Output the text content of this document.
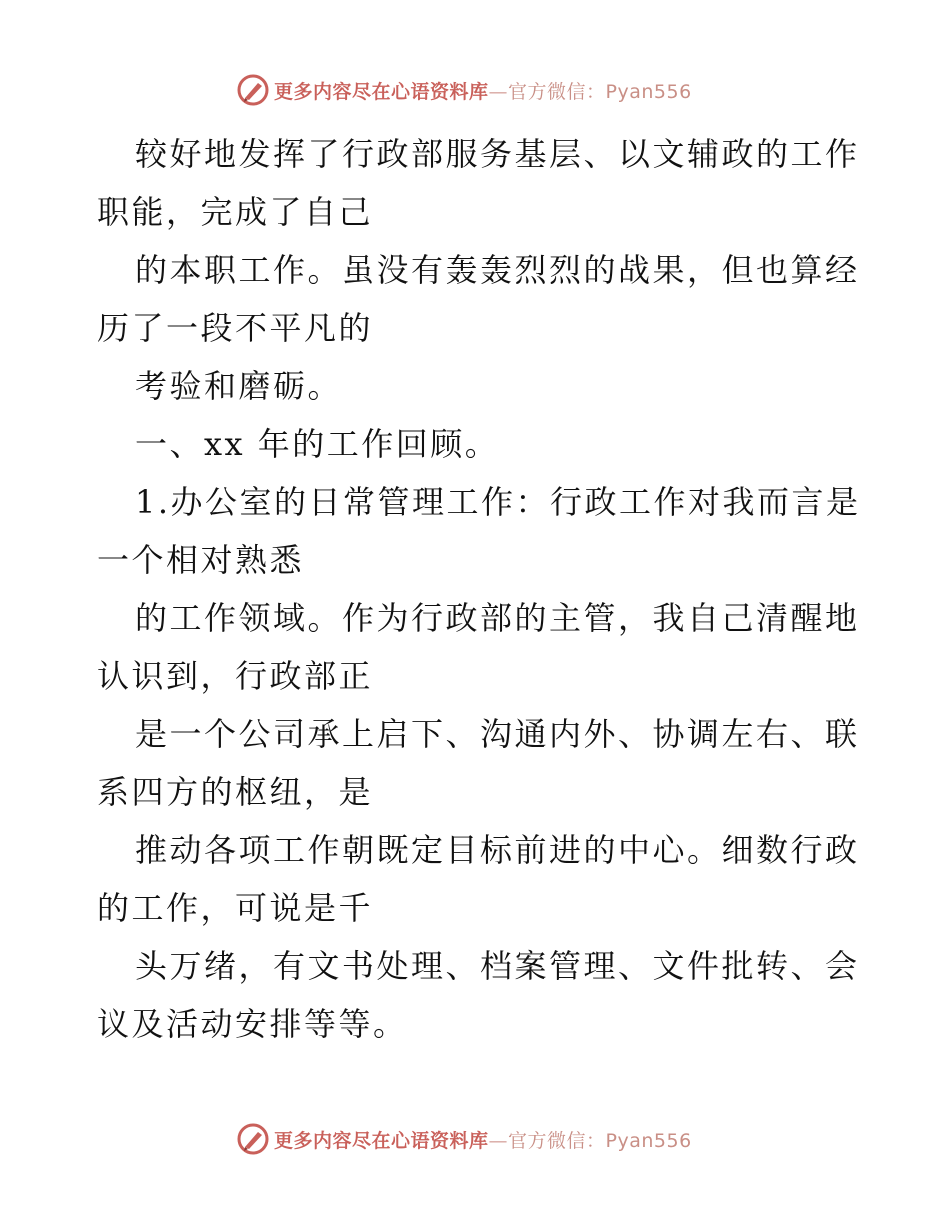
更多内容尽在心语资料库—官方微信：Pyan556
较好地发挥了行政部服务基层、以文辅政的工作
职能，完成了自己
的本职工作。虽没有轰轰烈烈的战果，但也算经
历了一段不平凡的
考验和磨砺。
一、xx 年的工作回顾。
1.办公室的日常管理工作：行政工作对我而言是
一个相对熟悉
的工作领域。作为行政部的主管，我自己清醒地
认识到，行政部正
是一个公司承上启下、沟通内外、协调左右、联
系四方的枢纽，是
推动各项工作朝既定目标前进的中心。细数行政
的工作，可说是千
头万绪，有文书处理、档案管理、文件批转、会
议及活动安排等等。
更多内容尽在心语资料库—官方微信：Pyan556
